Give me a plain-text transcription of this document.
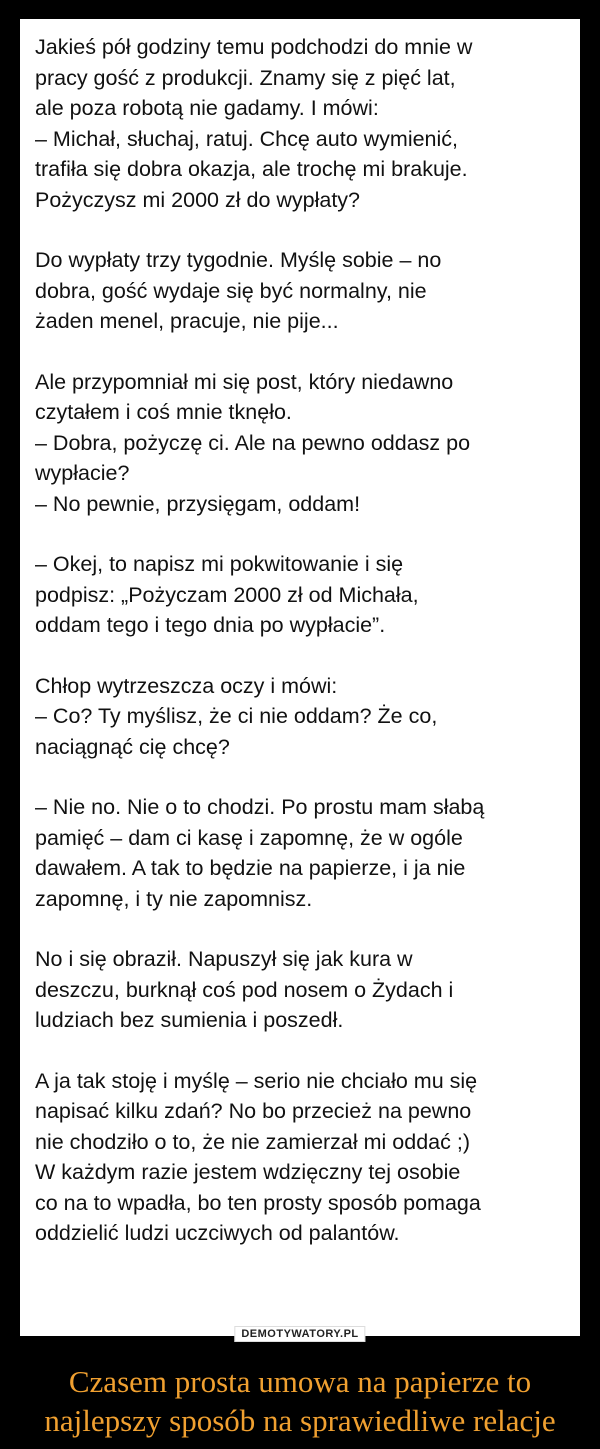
Jakieś pół godziny temu podchodzi do mnie w
pracy gość z produkcji. Znamy się z pięć lat,
ale poza robotą nie gadamy. I mówi:
– Michał, słuchaj, ratuj. Chcę auto wymienić,
trafiła się dobra okazja, ale trochę mi brakuje.
Pożyczysz mi 2000 zł do wypłaty?
Do wypłaty trzy tygodnie. Myślę sobie – no
dobra, gość wydaje się być normalny, nie
żaden menel, pracuje, nie pije...
Ale przypomniał mi się post, który niedawno
czytałem i coś mnie tknęło.
– Dobra, pożyczę ci. Ale na pewno oddasz po
wypłacie?
– No pewnie, przysięgam, oddam!
– Okej, to napisz mi pokwitowanie i się
podpisz: „Pożyczam 2000 zł od Michała,
oddam tego i tego dnia po wypłacie”.
Chłop wytrzeszcza oczy i mówi:
– Co? Ty myślisz, że ci nie oddam? Że co,
naciągnąć cię chcę?
– Nie no. Nie o to chodzi. Po prostu mam słabą
pamięć – dam ci kasę i zapomnę, że w ogóle
dawałem. A tak to będzie na papierze, i ja nie
zapomnę, i ty nie zapomnisz.
No i się obraził. Napuszył się jak kura w
deszczu, burknął coś pod nosem o Żydach i
ludziach bez sumienia i poszedł.
A ja tak stoję i myślę – serio nie chciało mu się
napisać kilku zdań? No bo przecież na pewno
nie chodziło o to, że nie zamierzał mi oddać ;)
W każdym razie jestem wdzięczny tej osobie
co na to wpadła, bo ten prosty sposób pomaga
oddzielić ludzi uczciwych od palantów.
DEMOTYWATORY.PL
Czasem prosta umowa na papierze to
najlepszy sposób na sprawiedliwe relacje
